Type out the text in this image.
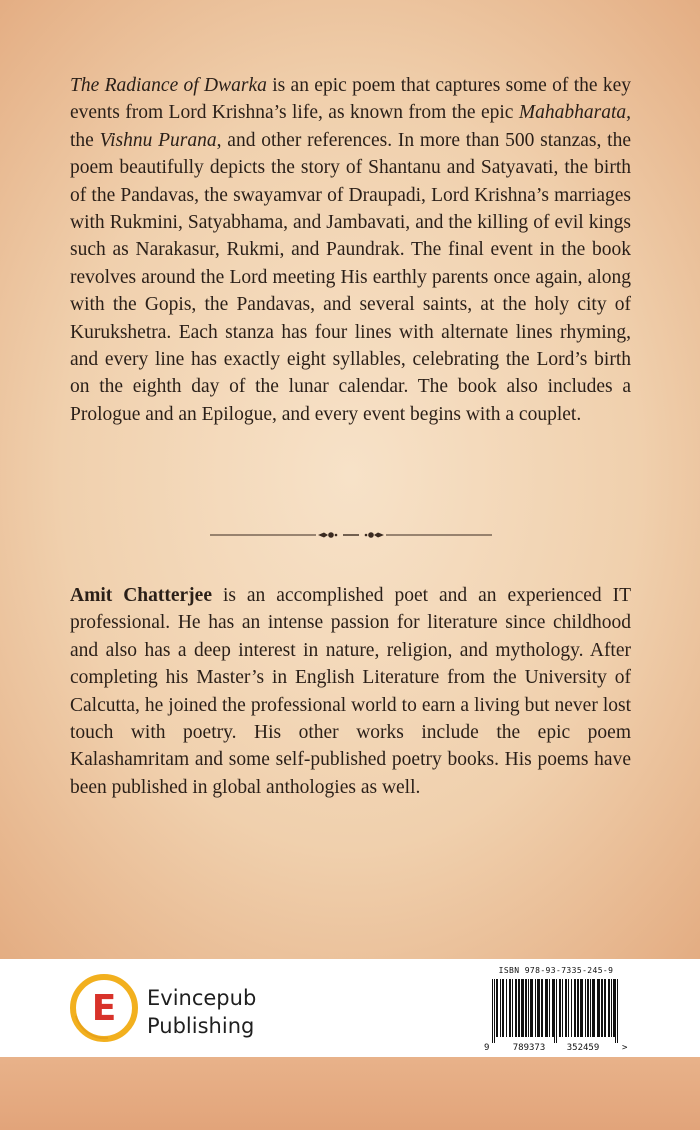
The Radiance of Dwarka is an epic poem that captures some of the key events from Lord Krishna’s life, as known from the epic Mahabharata, the Vishnu Purana, and other references. In more than 500 stanzas, the poem beautifully depicts the story of Shantanu and Satyavati, the birth of the Pandavas, the swayamvar of Draupadi, Lord Krishna’s marriages with Rukmini, Satyabhama, and Jambavati, and the killing of evil kings such as Narakasur, Rukmi, and Paundrak. The final event in the book revolves around the Lord meeting His earthly parents once again, along with the Gopis, the Pandavas, and several saints, at the holy city of Kurukshetra. Each stanza has four lines with alternate lines rhyming, and every line has exactly eight syllables, celebrating the Lord’s birth on the eighth day of the lunar calendar. The book also includes a Prologue and an Epilogue, and every event begins with a couplet.
Amit Chatterjee is an accomplished poet and an experienced IT professional. He has an intense passion for literature since childhood and also has a deep interest in nature, religion, and mythology. After completing his Master’s in English Literature from the University of Calcutta, he joined the professional world to earn a living but never lost touch with poetry. His other works include the epic poem Kalashamritam and some self-published poetry books. His poems have been published in global anthologies as well.
E Evincepub
Publishing
ISBN 978-93-7335-245-9
9	789373 352459	>
